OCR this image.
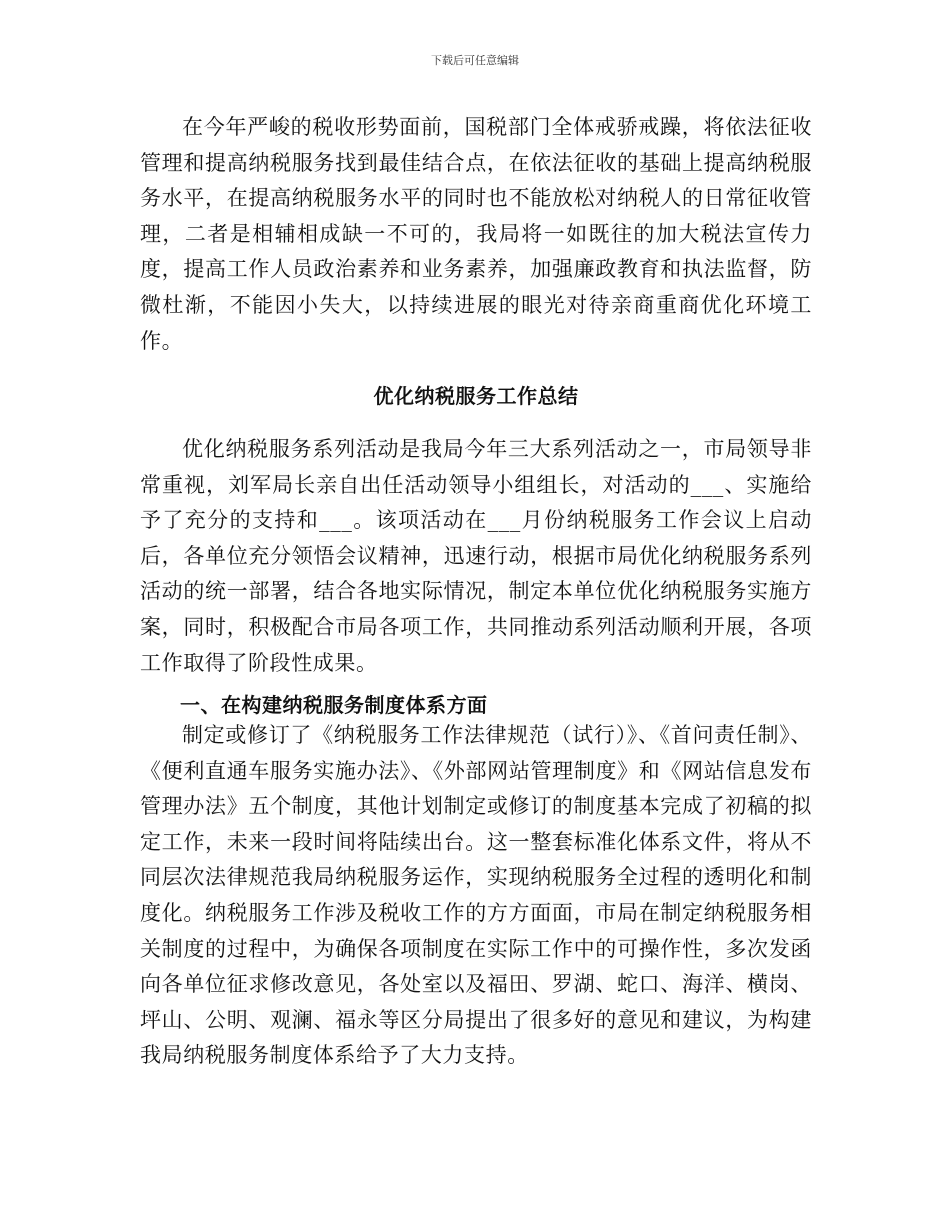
下载后可任意编辑

在今年严峻的税收形势面前，国税部门全体戒骄戒躁，将依法征收管理和提高纳税服务找到最佳结合点，在依法征收的基础上提高纳税服务水平，在提高纳税服务水平的同时也不能放松对纳税人的日常征收管理，二者是相辅相成缺一不可的，我局将一如既往的加大税法宣传力度，提高工作人员政治素养和业务素养，加强廉政教育和执法监督，防微杜渐，不能因小失大，以持续进展的眼光对待亲商重商优化环境工作。

优化纳税服务工作总结

优化纳税服务系列活动是我局今年三大系列活动之一，市局领导非常重视，刘军局长亲自出任活动领导小组组长，对活动的___、实施给予了充分的支持和___。该项活动在___月份纳税服务工作会议上启动后，各单位充分领悟会议精神，迅速行动，根据市局优化纳税服务系列活动的统一部署，结合各地实际情况，制定本单位优化纳税服务实施方案，同时，积极配合市局各项工作，共同推动系列活动顺利开展，各项工作取得了阶段性成果。

一、在构建纳税服务制度体系方面

制定或修订了《纳税服务工作法律规范（试行）》、《首问责任制》、《便利直通车服务实施办法》、《外部网站管理制度》和《网站信息发布管理办法》五个制度，其他计划制定或修订的制度基本完成了初稿的拟定工作，未来一段时间将陆续出台。这一整套标准化体系文件，将从不同层次法律规范我局纳税服务运作，实现纳税服务全过程的透明化和制度化。纳税服务工作涉及税收工作的方方面面，市局在制定纳税服务相关制度的过程中，为确保各项制度在实际工作中的可操作性，多次发函向各单位征求修改意见，各处室以及福田、罗湖、蛇口、海洋、横岗、坪山、公明、观澜、福永等区分局提出了很多好的意见和建议，为构建我局纳税服务制度体系给予了大力支持。
